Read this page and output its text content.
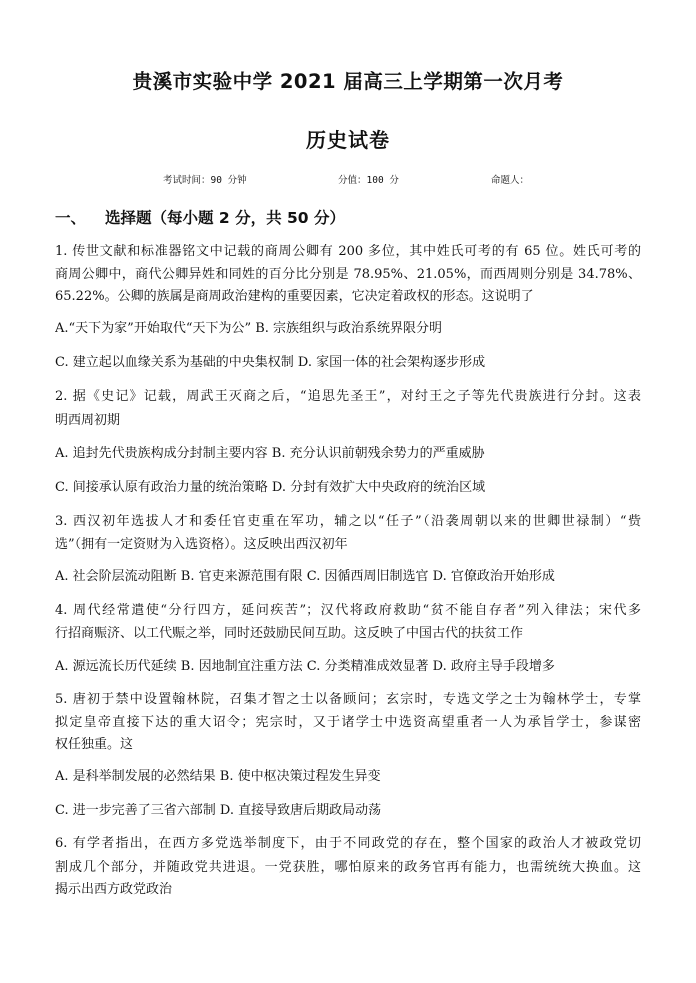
贵溪市实验中学 2021 届高三上学期第一次月考
历史试卷
考试时间：90 分钟	分值：100 分	命题人：
一、 选择题（每小题 2 分，共 50 分）
1. 传世文献和标准器铭文中记载的商周公卿有 200 多位，其中姓氏可考的有 65 位。姓氏可考的
商周公卿中，商代公卿异姓和同姓的百分比分别是 78.95%、21.05%，而西周则分别是 34.78%、
65.22%。公卿的族属是商周政治建构的重要因素，它决定着政权的形态。这说明了
A.“天下为家”开始取代“天下为公” B. 宗族组织与政治系统界限分明
C. 建立起以血缘关系为基础的中央集权制 D. 家国一体的社会架构逐步形成
2. 据《史记》记载，周武王灭商之后，“追思先圣王”，对纣王之子等先代贵族进行分封。这表
明西周初期
A. 追封先代贵族构成分封制主要内容 B. 充分认识前朝残余势力的严重威胁
C. 间接承认原有政治力量的统治策略 D. 分封有效扩大中央政府的统治区域
3. 西汉初年选拔人才和委任官吏重在军功，辅之以“任子”（沿袭周朝以来的世卿世禄制）“赀
选”（拥有一定资财为入选资格）。这反映出西汉初年
A. 社会阶层流动阻断 B. 官吏来源范围有限 C. 因循西周旧制选官 D. 官僚政治开始形成
4. 周代经常遣使“分行四方，延问疾苦”；汉代将政府救助“贫不能自存者”列入律法；宋代多
行招商赈济、以工代赈之举，同时还鼓励民间互助。这反映了中国古代的扶贫工作
A. 源远流长历代延续 B. 因地制宜注重方法 C. 分类精准成效显著 D. 政府主导手段增多
5. 唐初于禁中设置翰林院，召集才智之士以备顾问；玄宗时，专选文学之士为翰林学士，专掌
拟定皇帝直接下达的重大诏令；宪宗时，又于诸学士中选资高望重者一人为承旨学士，参谋密
权任独重。这
A. 是科举制发展的必然结果 B. 使中枢决策过程发生异变
C. 进一步完善了三省六部制 D. 直接导致唐后期政局动荡
6. 有学者指出，在西方多党选举制度下，由于不同政党的存在，整个国家的政治人才被政党切
割成几个部分，并随政党共进退。一党获胜，哪怕原来的政务官再有能力，也需统统大换血。这
揭示出西方政党政治
